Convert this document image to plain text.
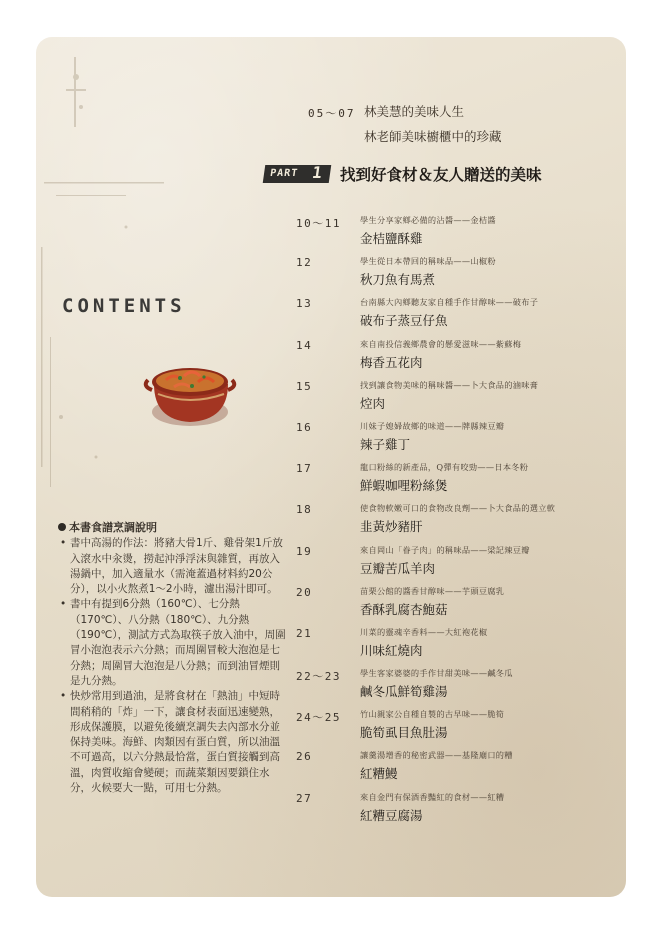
CONTENTS
本書食譜烹調說明
• 書中高湯的作法：將豬大骨1斤、雞骨架1斤放入滾水中汆燙，撈起沖淨浮沫與雜質，再放入湯鍋中，加入適量水（需淹蓋過材料約20公分），以小火熬煮1～2小時，濾出湯汁即可。
• 書中有提到6分熱（160℃）、七分熱（170℃）、八分熱（180℃）、九分熱（190℃），測試方式為取筷子放入油中，周圍冒小泡泡表示六分熱；而周圍冒較大泡泡是七分熱；周圍冒大泡泡是八分熱；而到油冒煙則是九分熱。
• 快炒常用到過油，是將食材在「熱油」中短時間稍稍的「炸」一下，讓食材表面迅速變熟，形成保護膜，以避免後續烹調失去內部水分並保持美味。海鮮、肉類因有蛋白質，所以油溫不可過高，以六分熱最恰當，蛋白質接觸到高溫，肉質收縮會變硬；而蔬菜類因要鎖住水分，火候要大一點，可用七分熱。
05～07 林美慧的美味人生
林老師美味櫥櫃中的珍藏
PART 1 找到好食材＆友人贈送的美味
10～11	學生分享家鄉必備的沾醬——金桔醬
金桔鹽酥雞
12	學生從日本帶回的稱味品——山椒粉
秋刀魚有馬煮
13	台南縣大內鄉聽友家自種手作甘醇味——破布子
破布子蒸豆仔魚
14	來自南投信義鄉農會的懸愛滋味——紫蘇梅
梅香五花肉
15	找到讓食物美味的稱味醬——卜大食品的滷味膏
焢肉
16	川妹子媳婦故鄉的味道——牌縣辣豆瓣
辣子雞丁
17	龍口粉絲的新產品，Q彈有咬勁——日本冬粉
鮮蝦咖哩粉絲煲
18	使食物軟嫩可口的食物改良劑——卜大食品的選立軟
韭黃炒豬肝
19	來自岡山「眷子肉」的稱味品——梁記辣豆瓣
豆瓣苦瓜羊肉
20	苗栗公館的醬香甘醇味——芋頭豆腐乳
香酥乳腐杏鮑菇
21	川菜的靈魂辛香料——大紅袍花椒
川味紅燒肉
22～23	學生客家婆婆的手作甘甜美味——鹹冬瓜
鹹冬瓜鮮筍雞湯
24～25	竹山親家公自種自製的古早味——脆筍
脆筍虱目魚肚湯
26	讓羹湯增香的秘密武器——基隆廟口的糟
紅糟鰻
27	來自金門有保酒香豔紅的食材——紅糟
紅糟豆腐湯
